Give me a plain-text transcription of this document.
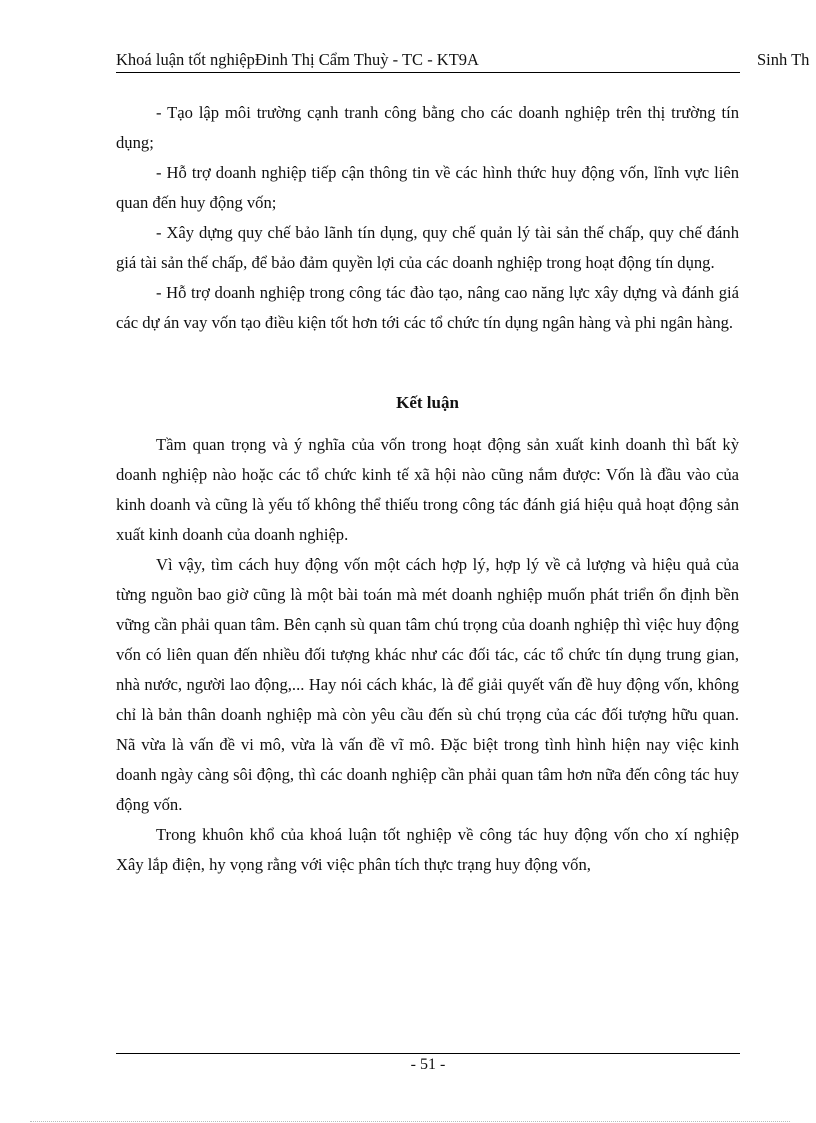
Khoá luận tốt nghiệpĐinh Thị Cẩm Thuỳ - TC - KT9A	Sinh Th

- Tạo lập môi trường cạnh tranh công bằng cho các doanh nghiệp trên thị trường tín dụng;

- Hỗ trợ doanh nghiệp tiếp cận thông tin về các hình thức huy động vốn, lĩnh vực liên quan đến huy động vốn;

- Xây dựng quy chế bảo lãnh tín dụng, quy chế quản lý tài sản thế chấp, quy chế đánh giá tài sản thế chấp, để bảo đảm quyền lợi của các doanh nghiệp trong hoạt động tín dụng.

- Hỗ trợ doanh nghiệp trong công tác đào tạo, nâng cao năng lực xây dựng và đánh giá các dự án vay vốn tạo điều kiện tốt hơn tới các tổ chức tín dụng ngân hàng và phi ngân hàng.

Kết luận

Tầm quan trọng và ý nghĩa của vốn trong hoạt động sản xuất kinh doanh thì bất kỳ doanh nghiệp nào hoặc các tổ chức kinh tế xã hội nào cũng nắm được: Vốn là đầu vào của kinh doanh và cũng là yếu tố không thể thiếu trong công tác đánh giá hiệu quả hoạt động sản xuất kinh doanh của doanh nghiệp.

Vì vậy, tìm cách huy động vốn một cách hợp lý, hợp lý về cả lượng và hiệu quả của từng nguồn bao giờ cũng là một bài toán mà mét doanh nghiệp muốn phát triển ổn định bền vững cần phải quan tâm. Bên cạnh sù quan tâm chú trọng của doanh nghiệp thì việc huy động vốn có liên quan đến nhiều đối tượng khác như các đối tác, các tổ chức tín dụng trung gian, nhà nước, người lao động,... Hay nói cách khác, là để giải quyết vấn đề huy động vốn, không chỉ là bản thân doanh nghiệp mà còn yêu cầu đến sù chú trọng của các đối tượng hữu quan. Nã vừa là vấn đề vi mô, vừa là vấn đề vĩ mô. Đặc biệt trong tình hình hiện nay việc kinh doanh ngày càng sôi động, thì các doanh nghiệp cần phải quan tâm hơn nữa đến công tác huy động vốn.

Trong khuôn khổ của khoá luận tốt nghiệp về công tác huy động vốn cho xí nghiệp Xây lắp điện, hy vọng rằng với việc phân tích thực trạng huy động vốn,

- 51 -
